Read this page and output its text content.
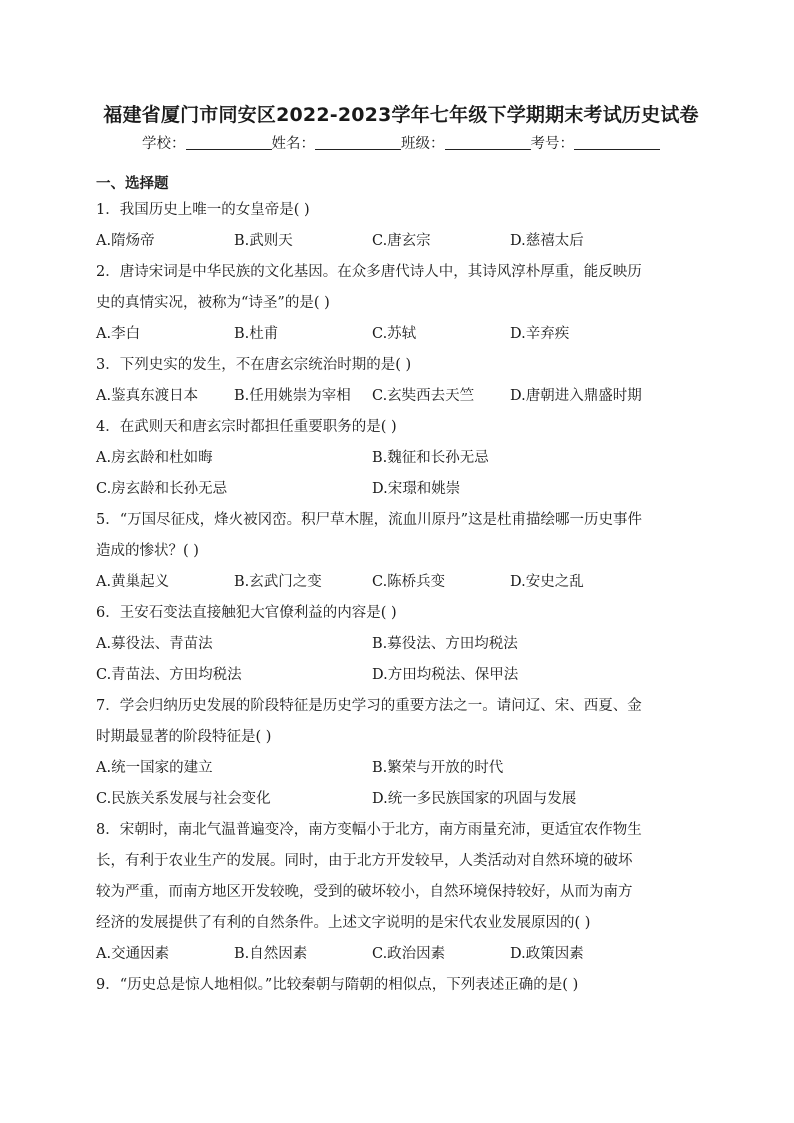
福建省厦门市同安区2022-2023学年七年级下学期期末考试历史试卷
学校：	姓名：	班级：	考号：
一、选择题
1．我国历史上唯一的女皇帝是( )
A.隋炀帝	B.武则天	C.唐玄宗	D.慈禧太后
2．唐诗宋词是中华民族的文化基因。在众多唐代诗人中，其诗风淳朴厚重，能反映历
史的真情实况，被称为“诗圣”的是( )
A.李白	B.杜甫	C.苏轼	D.辛弃疾
3．下列史实的发生，不在唐玄宗统治时期的是( )
A.鉴真东渡日本	B.任用姚崇为宰相	C.玄奘西去天竺	D.唐朝进入鼎盛时期
4．在武则天和唐玄宗时都担任重要职务的是( )
A.房玄龄和杜如晦	B.魏征和长孙无忌
C.房玄龄和长孙无忌	D.宋璟和姚崇
5．“万国尽征戍，烽火被冈峦。积尸草木腥，流血川原丹”这是杜甫描绘哪一历史事件
造成的惨状？( )
A.黄巢起义	B.玄武门之变	C.陈桥兵变	D.安史之乱
6．王安石变法直接触犯大官僚利益的内容是( )
A.募役法、青苗法	B.募役法、方田均税法
C.青苗法、方田均税法	D.方田均税法、保甲法
7．学会归纳历史发展的阶段特征是历史学习的重要方法之一。请问辽、宋、西夏、金
时期最显著的阶段特征是( )
A.统一国家的建立	B.繁荣与开放的时代
C.民族关系发展与社会变化	D.统一多民族国家的巩固与发展
8．宋朝时，南北气温普遍变冷，南方变幅小于北方，南方雨量充沛，更适宜农作物生
长，有利于农业生产的发展。同时，由于北方开发较早，人类活动对自然环境的破坏
较为严重，而南方地区开发较晚，受到的破坏较小，自然环境保持较好，从而为南方
经济的发展提供了有利的自然条件。上述文字说明的是宋代农业发展原因的( )
A.交通因素	B.自然因素	C.政治因素	D.政策因素
9．“历史总是惊人地相似。”比较秦朝与隋朝的相似点，下列表述正确的是( )
